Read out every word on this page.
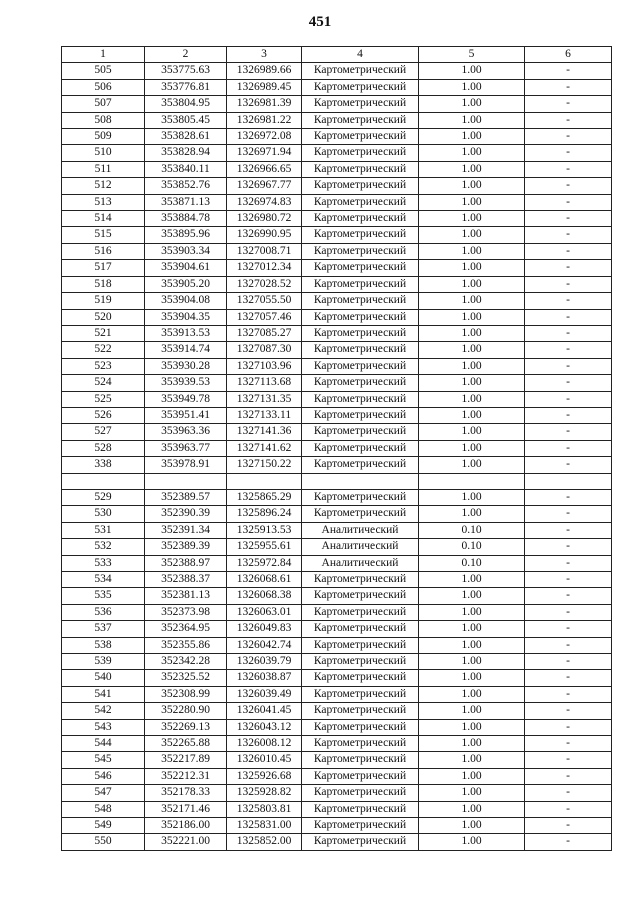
451
1	2	3	4	5	6
505	353775.63	1326989.66	Картометрический	1.00	-
506	353776.81	1326989.45	Картометрический	1.00	-
507	353804.95	1326981.39	Картометрический	1.00	-
508	353805.45	1326981.22	Картометрический	1.00	-
509	353828.61	1326972.08	Картометрический	1.00	-
510	353828.94	1326971.94	Картометрический	1.00	-
511	353840.11	1326966.65	Картометрический	1.00	-
512	353852.76	1326967.77	Картометрический	1.00	-
513	353871.13	1326974.83	Картометрический	1.00	-
514	353884.78	1326980.72	Картометрический	1.00	-
515	353895.96	1326990.95	Картометрический	1.00	-
516	353903.34	1327008.71	Картометрический	1.00	-
517	353904.61	1327012.34	Картометрический	1.00	-
518	353905.20	1327028.52	Картометрический	1.00	-
519	353904.08	1327055.50	Картометрический	1.00	-
520	353904.35	1327057.46	Картометрический	1.00	-
521	353913.53	1327085.27	Картометрический	1.00	-
522	353914.74	1327087.30	Картометрический	1.00	-
523	353930.28	1327103.96	Картометрический	1.00	-
524	353939.53	1327113.68	Картометрический	1.00	-
525	353949.78	1327131.35	Картометрический	1.00	-
526	353951.41	1327133.11	Картометрический	1.00	-
527	353963.36	1327141.36	Картометрический	1.00	-
528	353963.77	1327141.62	Картометрический	1.00	-
338	353978.91	1327150.22	Картометрический	1.00	-

529	352389.57	1325865.29	Картометрический	1.00	-
530	352390.39	1325896.24	Картометрический	1.00	-
531	352391.34	1325913.53	Аналитический	0.10	-
532	352389.39	1325955.61	Аналитический	0.10	-
533	352388.97	1325972.84	Аналитический	0.10	-
534	352388.37	1326068.61	Картометрический	1.00	-
535	352381.13	1326068.38	Картометрический	1.00	-
536	352373.98	1326063.01	Картометрический	1.00	-
537	352364.95	1326049.83	Картометрический	1.00	-
538	352355.86	1326042.74	Картометрический	1.00	-
539	352342.28	1326039.79	Картометрический	1.00	-
540	352325.52	1326038.87	Картометрический	1.00	-
541	352308.99	1326039.49	Картометрический	1.00	-
542	352280.90	1326041.45	Картометрический	1.00	-
543	352269.13	1326043.12	Картометрический	1.00	-
544	352265.88	1326008.12	Картометрический	1.00	-
545	352217.89	1326010.45	Картометрический	1.00	-
546	352212.31	1325926.68	Картометрический	1.00	-
547	352178.33	1325928.82	Картометрический	1.00	-
548	352171.46	1325803.81	Картометрический	1.00	-
549	352186.00	1325831.00	Картометрический	1.00	-
550	352221.00	1325852.00	Картометрический	1.00	-
